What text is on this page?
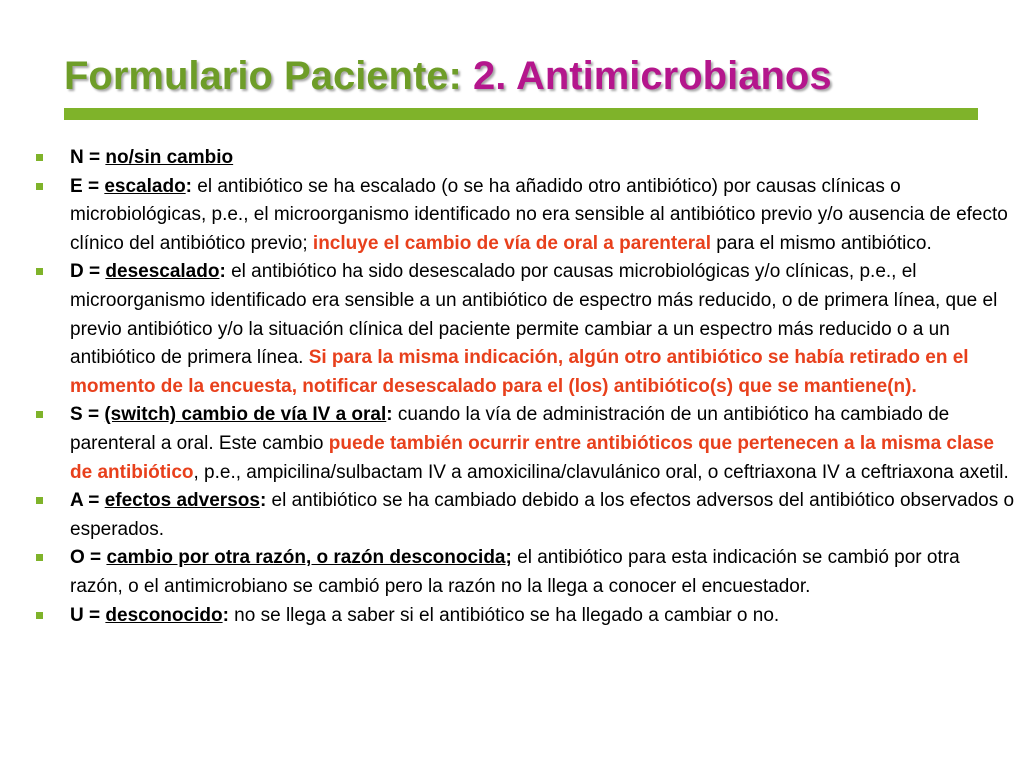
Formulario Paciente: 2. Antimicrobianos
N = no/sin cambio
E = escalado: el antibiótico se ha escalado (o se ha añadido otro antibiótico) por causas clínicas o microbiológicas, p.e., el microorganismo identificado no era sensible al antibiótico previo y/o ausencia de efecto clínico del antibiótico previo; incluye el cambio de vía de oral a parenteral para el mismo antibiótico.
D = desescalado: el antibiótico ha sido desescalado por causas microbiológicas y/o clínicas, p.e., el microorganismo identificado era sensible a un antibiótico de espectro más reducido, o de primera línea, que el previo antibiótico y/o la situación clínica del paciente permite cambiar a un espectro más reducido o a un antibiótico de primera línea. Si para la misma indicación, algún otro antibiótico se había retirado en el momento de la encuesta, notificar desescalado para el (los) antibiótico(s) que se mantiene(n).
S = (switch) cambio de vía IV a oral: cuando la vía de administración de un antibiótico ha cambiado de parenteral a oral. Este cambio puede también ocurrir entre antibióticos que pertenecen a la misma clase de antibiótico, p.e., ampicilina/sulbactam IV a amoxicilina/clavulánico oral, o ceftriaxona IV a ceftriaxona axetil.
A = efectos adversos: el antibiótico se ha cambiado debido a los efectos adversos del antibiótico observados o esperados.
O = cambio por otra razón, o razón desconocida; el antibiótico para esta indicación se cambió por otra razón, o el antimicrobiano se cambió pero la razón no la llega a conocer el encuestador.
U = desconocido: no se llega a saber si el antibiótico se ha llegado a cambiar o no.
